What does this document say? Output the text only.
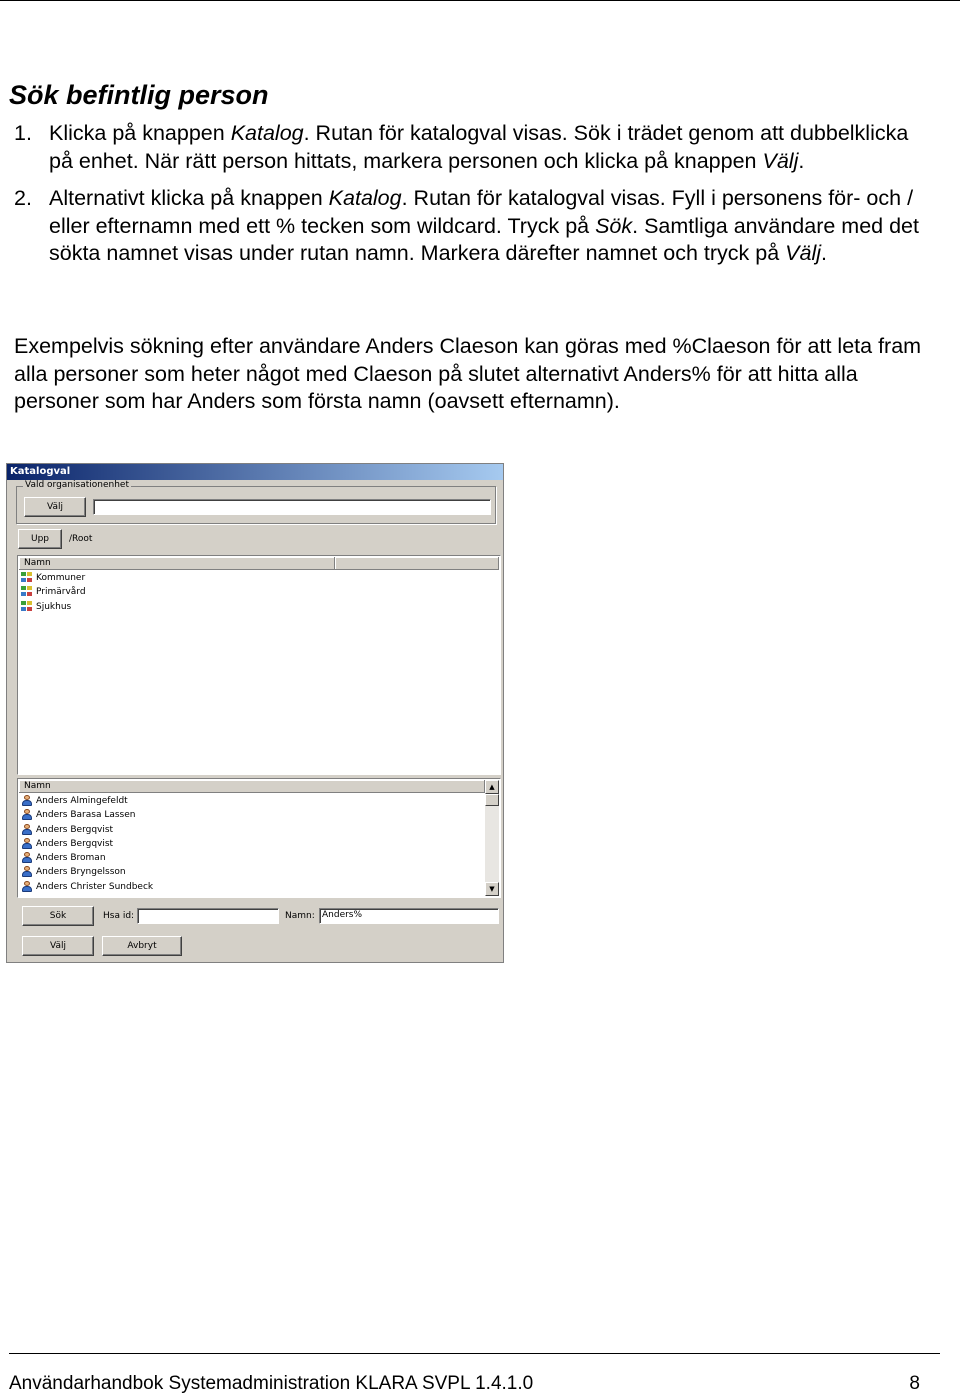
Sök befintlig person
1. Klicka på knappen Katalog. Rutan för katalogval visas. Sök i trädet genom att dubbelklicka på enhet. När rätt person hittats, markera personen och klicka på knappen Välj.
2. Alternativt klicka på knappen Katalog. Rutan för katalogval visas. Fyll i personens för- och / eller efternamn med ett % tecken som wildcard. Tryck på Sök. Samtliga användare med det sökta namnet visas under rutan namn. Markera därefter namnet och tryck på Välj.

Exempelvis sökning efter användare Anders Claeson kan göras med %Claeson för att leta fram alla personer som heter något med Claeson på slutet alternativt Anders% för att hitta alla personer som har Anders som första namn (oavsett efternamn).

Katalogval
Vald organisationenhet
Välj
Upp	/Root
Namn
Kommuner
Primärvård
Sjukhus
Namn
Anders Almingefeldt
Anders Barasa Lassen
Anders Bergqvist
Anders Bergqvist
Anders Broman
Anders Bryngelsson
Anders Christer Sundbeck
▲
▼
Sök	Hsa id:	Namn: Anders%
Välj	Avbryt
Användarhandbok Systemadministration KLARA SVPL 1.4.1.0	8
